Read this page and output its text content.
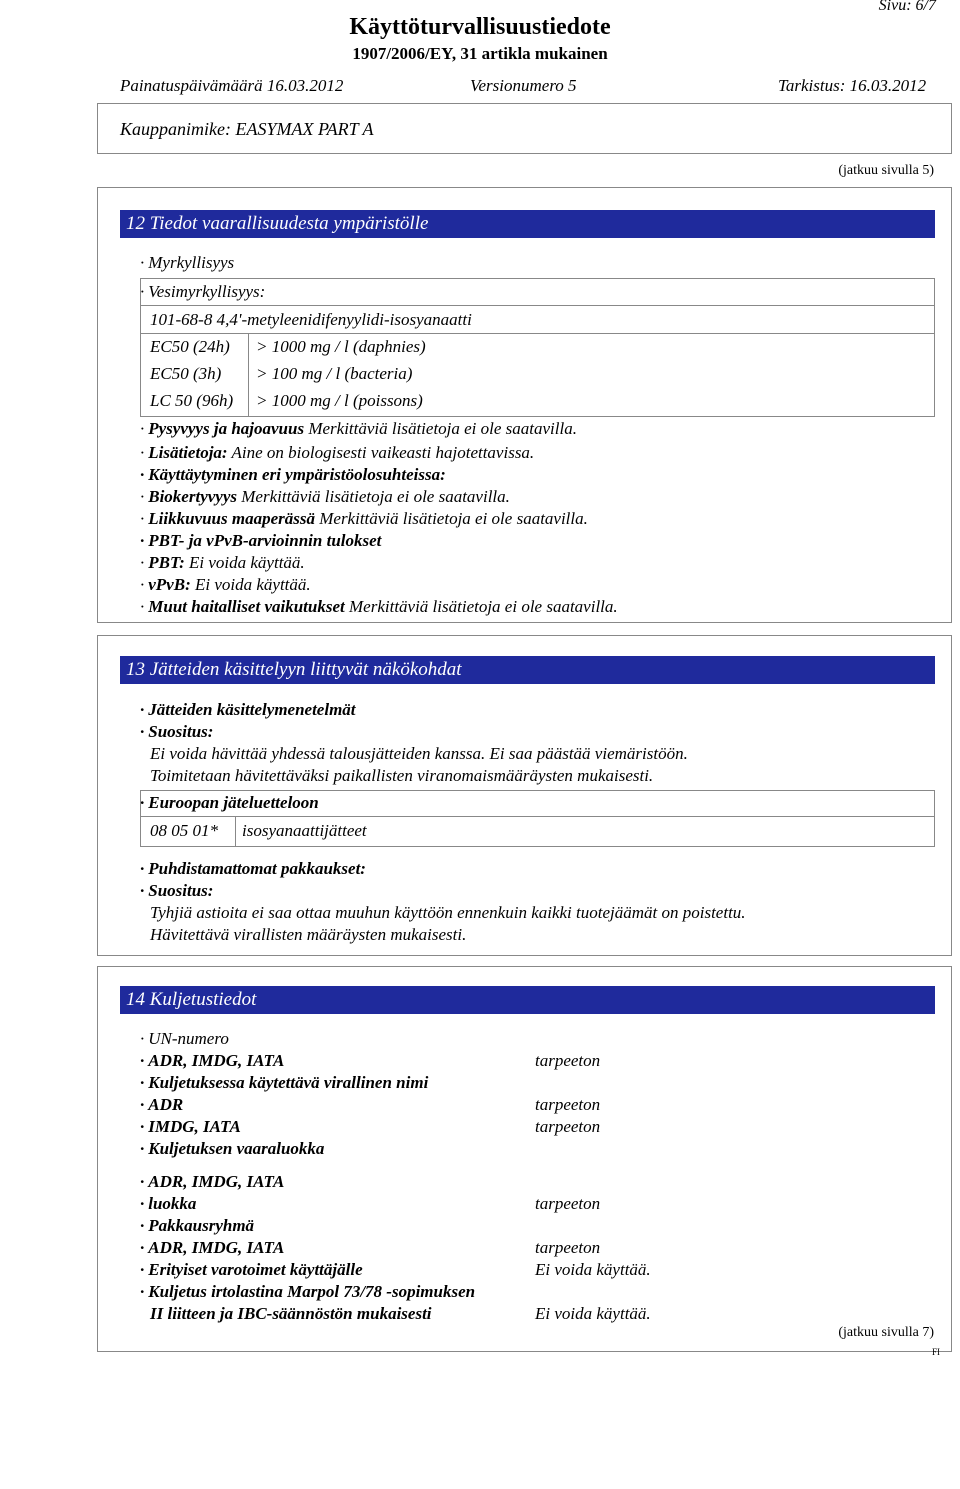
Sivu: 6/7
Käyttöturvallisuustiedote
1907/2006/EY, 31 artikla mukainen
Painatuspäivämäärä 16.03.2012	Versionumero 5	Tarkistus: 16.03.2012
Kauppanimike: EASYMAX PART A
(jatkuu sivulla 5)
12 Tiedot vaarallisuudesta ympäristölle
· Myrkyllisyys
· Vesimyrkyllisyys:
101-68-8 4,4'-metyleenidifenyylidi-isosyanaatti
EC50 (24h) > 1000 mg / l (daphnies)
EC50 (3h) > 100 mg / l (bacteria)
LC 50 (96h) > 1000 mg / l (poissons)
· Pysyvyys ja hajoavuus Merkittäviä lisätietoja ei ole saatavilla.
· Lisätietoja: Aine on biologisesti vaikeasti hajotettavissa.
· Käyttäytyminen eri ympäristöolosuhteissa:
· Biokertyvyys Merkittäviä lisätietoja ei ole saatavilla.
· Liikkuvuus maaperässä Merkittäviä lisätietoja ei ole saatavilla.
· PBT- ja vPvB-arvioinnin tulokset
· PBT: Ei voida käyttää.
· vPvB: Ei voida käyttää.
· Muut haitalliset vaikutukset Merkittäviä lisätietoja ei ole saatavilla.
13 Jätteiden käsittelyyn liittyvät näkökohdat
· Jätteiden käsittelymenetelmät
· Suositus:
Ei voida hävittää yhdessä talousjätteiden kanssa. Ei saa päästää viemäristöön.
Toimitetaan hävitettäväksi paikallisten viranomaismääräysten mukaisesti.
· Euroopan jäteluetteloon
08 05 01* isosyanaattijätteet
· Puhdistamattomat pakkaukset:
· Suositus:
Tyhjiä astioita ei saa ottaa muuhun käyttöön ennenkuin kaikki tuotejäämät on poistettu.
Hävitettävä virallisten määräysten mukaisesti.
14 Kuljetustiedot
· UN-numero
· ADR, IMDG, IATA	tarpeeton
· Kuljetuksessa käytettävä virallinen nimi
· ADR	tarpeeton
· IMDG, IATA	tarpeeton
· Kuljetuksen vaaraluokka
· ADR, IMDG, IATA
· luokka	tarpeeton
· Pakkausryhmä
· ADR, IMDG, IATA	tarpeeton
· Erityiset varotoimet käyttäjälle	Ei voida käyttää.
· Kuljetus irtolastina Marpol 73/78 -sopimuksen
II liitteen ja IBC-säännöstön mukaisesti	Ei voida käyttää.
(jatkuu sivulla 7)
FI
